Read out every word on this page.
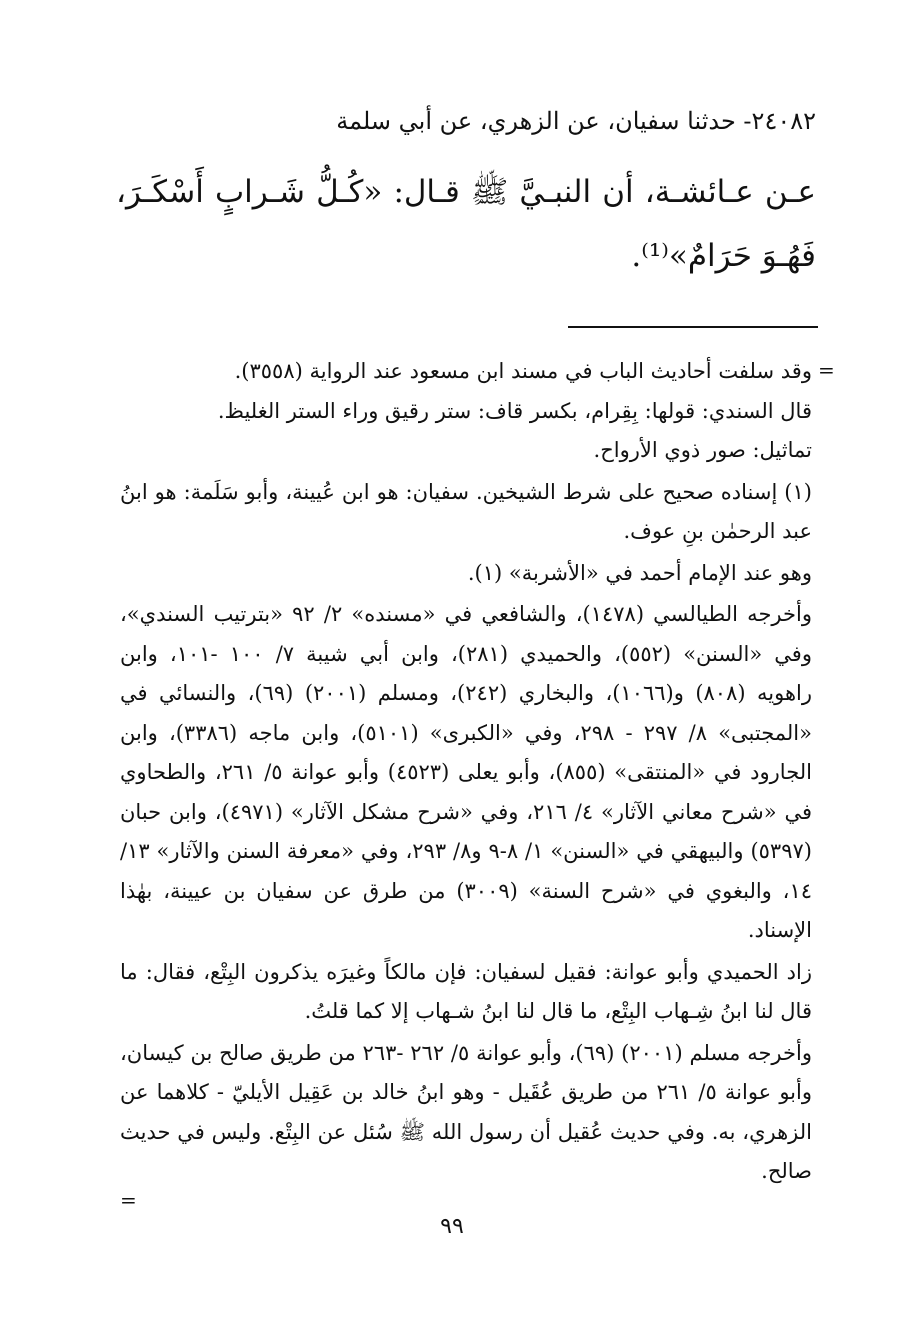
٢٤٠٨٢- حدثنا سفيان، عن الزهري، عن أبي سلمة
عـن عـائشـة، أن النبـيَّ ﷺ قـال: «كُـلُّ شَـرابٍ أَسْكَـرَ، فَهُـوَ حَرَامٌ»⁽¹⁾.
=

وقد سلفت أحاديث الباب في مسند ابن مسعود عند الرواية (٣٥٥٨).

قال السندي: قولها: بِقِرام، بكسر قاف: ستر رقيق وراء الستر الغليظ.

تماثيل: صور ذوي الأرواح.

(١) إسناده صحيح على شرط الشيخين. سفيان: هو ابن عُيينة، وأبو سَلَمة: هو ابنُ عبد الرحمٰن بنِ عوف.

وهو عند الإمام أحمد في «الأشربة» (١).

وأخرجه الطيالسي (١٤٧٨)، والشافعي في «مسنده» ٢/ ٩٢ «بترتيب السندي»، وفي «السنن» (٥٥٢)، والحميدي (٢٨١)، وابن أبي شيبة ٧/ ١٠٠ -١٠١، وابن راهويه (٨٠٨) و(١٠٦٦)، والبخاري (٢٤٢)، ومسلم (٢٠٠١) (٦٩)، والنسائي في «المجتبى» ٨/ ٢٩٧ - ٢٩٨، وفي «الكبرى» (٥١٠١)، وابن ماجه (٣٣٨٦)، وابن الجارود في «المنتقى» (٨٥٥)، وأبو يعلى (٤٥٢٣) وأبو عوانة ٥/ ٢٦١، والطحاوي في «شرح معاني الآثار» ٤/ ٢١٦، وفي «شرح مشكل الآثار» (٤٩٧١)، وابن حبان (٥٣٩٧) والبيهقي في «السنن» ١/ ٨-٩ و٨/ ٢٩٣، وفي «معرفة السنن والآثار» ١٣/ ١٤، والبغوي في «شرح السنة» (٣٠٠٩) من طرق عن سفيان بن عيينة، بهٰذا الإسناد.

زاد الحميدي وأبو عوانة: فقيل لسفيان: فإن مالكاً وغيرَه يذكرون البِتْع، فقال: ما قال لنا ابنُ شِـهاب البِتْع، ما قال لنا ابنُ شـهاب إلا كما قلتُ.

وأخرجه مسلم (٢٠٠١) (٦٩)، وأبو عوانة ٥/ ٢٦٢ -٢٦٣ من طريق صالح بن كيسان، وأبو عوانة ٥/ ٢٦١ من طريق عُقَيل - وهو ابنُ خالد بن عَقِيل الأيليّ - كلاهما عن الزهري، به. وفي حديث عُقيل أن رسول الله ﷺ سُئل عن البِتْع. وليس في حديث صالح.

=
٩٩
